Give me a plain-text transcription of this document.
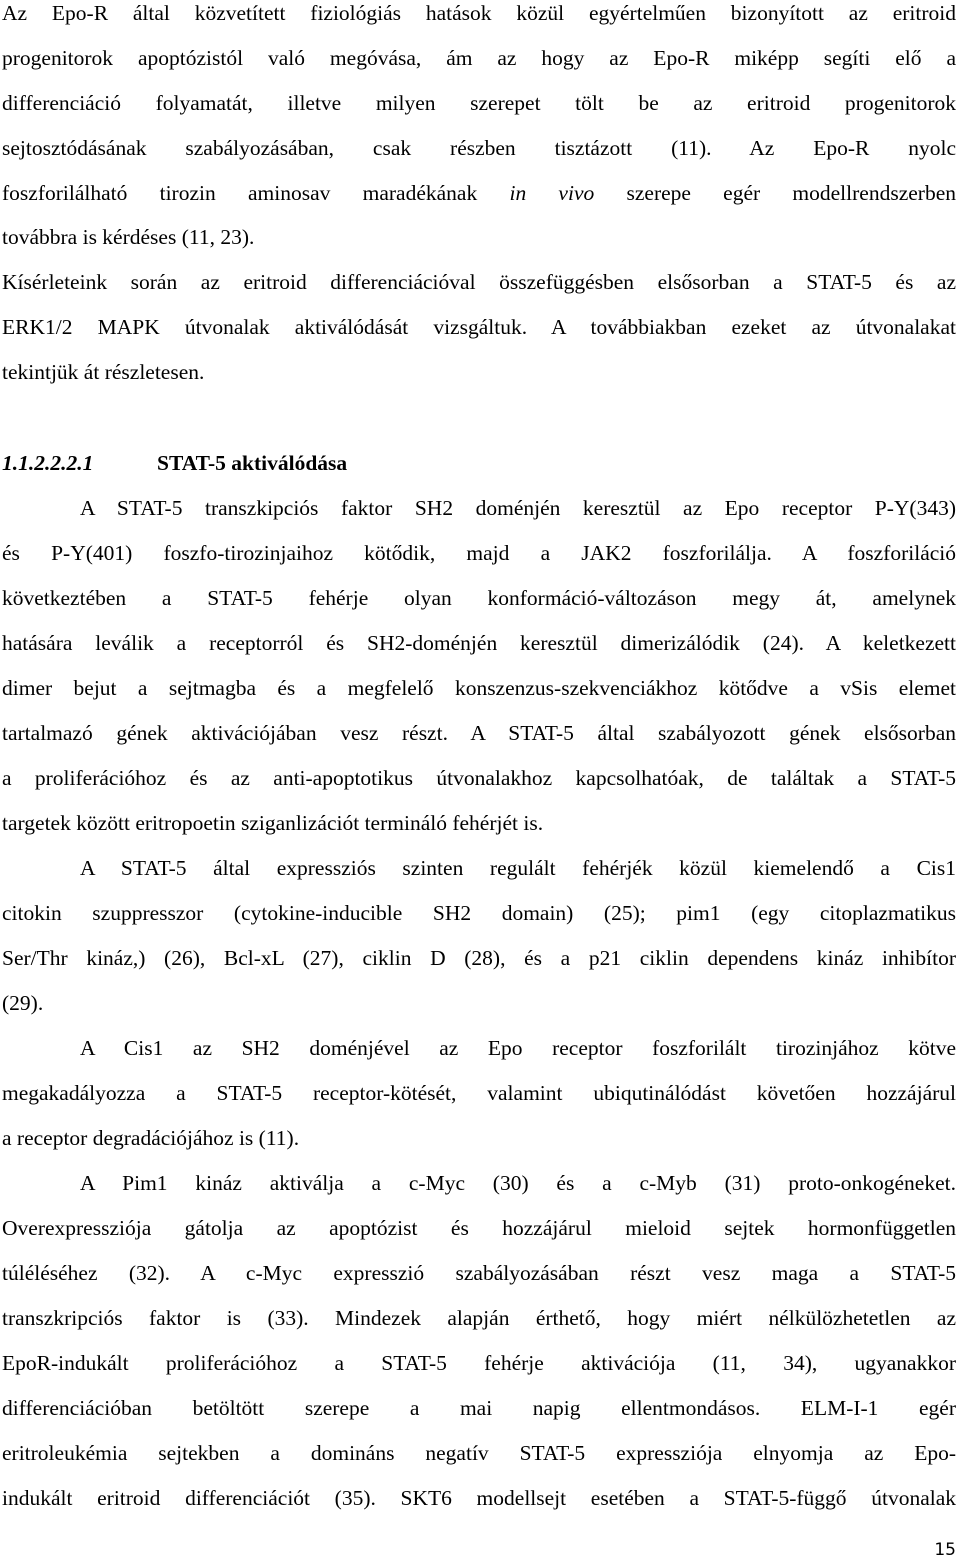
Az Epo-R által közvetített fiziológiás hatások közül egyértelműen bizonyított az eritroid
progenitorok apoptózistól való megóvása, ám az hogy az Epo-R miképp segíti elő a
differenciáció folyamatát, illetve milyen szerepet tölt be az eritroid progenitorok
sejtosztódásának szabályozásában, csak részben tisztázott (11). Az Epo-R nyolc
foszforilálható tirozin aminosav maradékának in vivo szerepe egér modellrendszerben
továbbra is kérdéses (11, 23).
Kísérleteink során az eritroid differenciációval összefüggésben elsősorban a STAT-5 és az
ERK1/2 MAPK útvonalak aktiválódását vizsgáltuk. A továbbiakban ezeket az útvonalakat
tekintjük át részletesen.
1.1.2.2.2.1	STAT-5 aktiválódása
A STAT-5 transzkipciós faktor SH2 doménjén keresztül az Epo receptor P-Y(343)
és P-Y(401) foszfo-tirozinjaihoz kötődik, majd a JAK2 foszforilálja. A foszforiláció
következtében a STAT-5 fehérje olyan konformáció-változáson megy át, amelynek
hatására leválik a receptorról és SH2-doménjén keresztül dimerizálódik (24). A keletkezett
dimer bejut a sejtmagba és a megfelelő konszenzus-szekvenciákhoz kötődve a vSis elemet
tartalmazó gének aktivációjában vesz részt. A STAT-5 által szabályozott gének elsősorban
a proliferációhoz és az anti-apoptotikus útvonalakhoz kapcsolhatóak, de találtak a STAT-5
targetek között eritropoetin sziganlizációt termináló fehérjét is.
A STAT-5 által expressziós szinten regulált fehérjék közül kiemelendő a Cis1
citokin szuppresszor (cytokine-inducible SH2 domain) (25); pim1 (egy citoplazmatikus
Ser/Thr kináz,) (26), Bcl-xL (27), ciklin D (28), és a p21 ciklin dependens kináz inhibítor
(29).
A Cis1 az SH2 doménjével az Epo receptor foszforilált tirozinjához kötve
megakadályozza a STAT-5 receptor-kötését, valamint ubiqutinálódást követően hozzájárul
a receptor degradációjához is (11).
A Pim1 kináz aktiválja a c-Myc (30) és a c-Myb (31) proto-onkogéneket.
Overexpressziója gátolja az apoptózist és hozzájárul mieloid sejtek hormonfüggetlen
túléléséhez (32). A c-Myc expresszió szabályozásában részt vesz maga a STAT-5
transzkripciós faktor is (33). Mindezek alapján érthető, hogy miért nélkülözhetetlen az
EpoR-indukált proliferációhoz a STAT-5 fehérje aktivációja (11, 34), ugyanakkor
differenciációban betöltött szerepe a mai napig ellentmondásos. ELM-I-1 egér
eritroleukémia sejtekben a domináns negatív STAT-5 expressziója elnyomja az Epo-
indukált eritroid differenciációt (35). SKT6 modellsejt esetében a STAT-5-függő útvonalak
15
